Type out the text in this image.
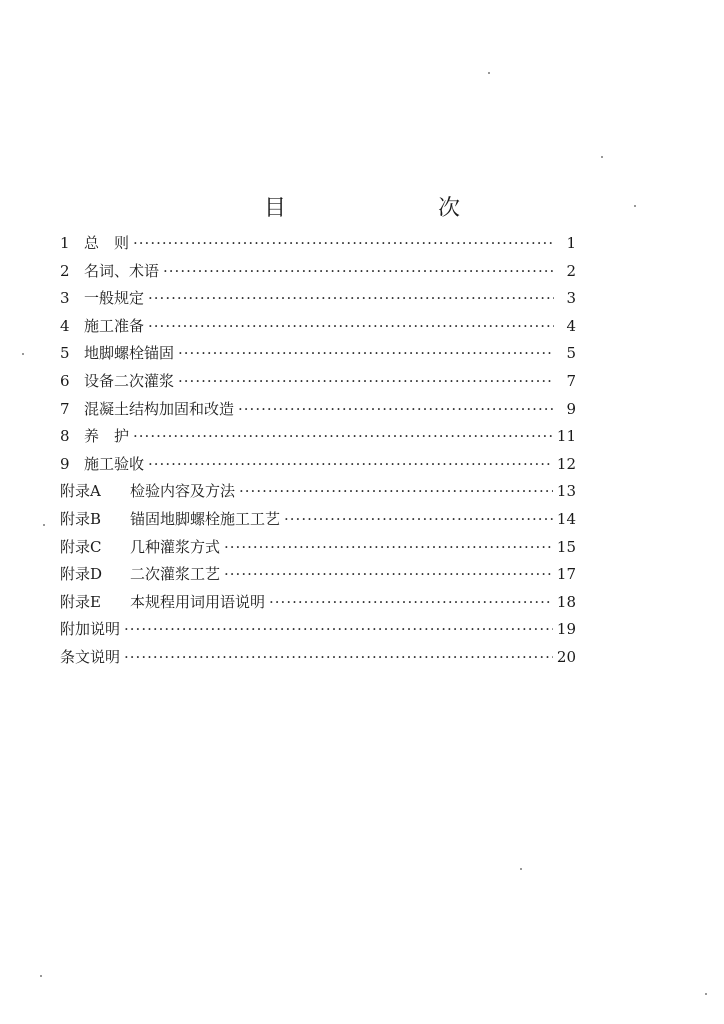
目　　次
1 总　则 ·····	1
2 名词、术语 ·····	2
3 一般规定 ·····	3
4 施工准备 ·····	4
5 地脚螺栓锚固 ·····	5
6 设备二次灌浆 ·····	7
7 混凝土结构加固和改造 ·····	9
8 养　护 ·····	11
9 施工验收 ·····	12
附录A	检验内容及方法 ·····	13
附录B	锚固地脚螺栓施工工艺 ·····	14
附录C	几种灌浆方式 ·····	15
附录D	二次灌浆工艺 ·····	17
附录E	本规程用词用语说明 ·····	18
附加说明 ·····	19
条文说明 ·····	20
